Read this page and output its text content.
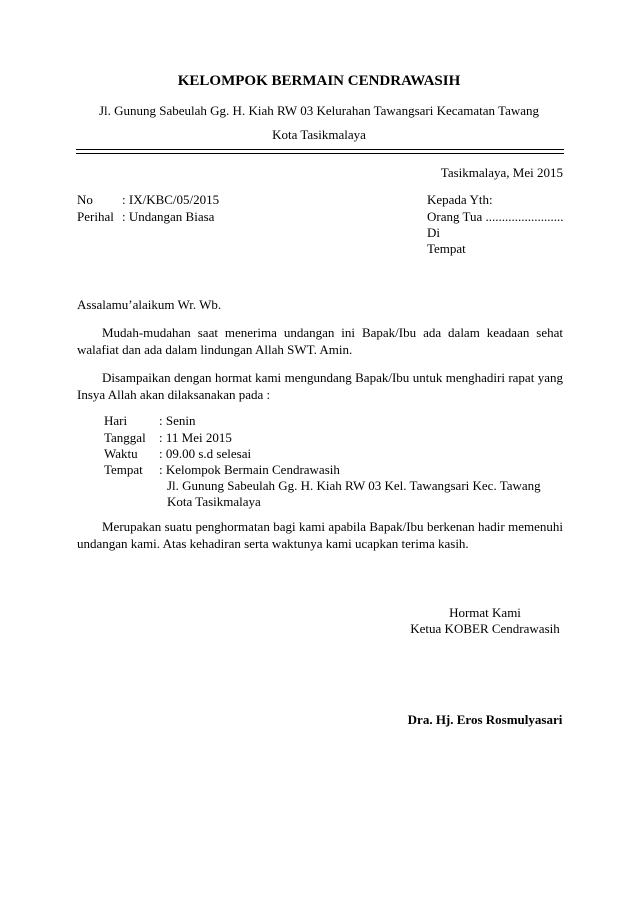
KELOMPOK BERMAIN CENDRAWASIH
Jl. Gunung Sabeulah Gg. H. Kiah RW 03 Kelurahan Tawangsari Kecamatan Tawang
Kota Tasikmalaya
Tasikmalaya, Mei 2015
No : IX/KBC/05/2015
Perihal : Undangan Biasa
Kepada Yth:
Orang Tua ........................
Di
Tempat
Assalamu’alaikum Wr. Wb.
Mudah-mudahan saat menerima undangan ini Bapak/Ibu ada dalam keadaan sehat walafiat dan ada dalam lindungan Allah SWT. Amin.
Disampaikan dengan hormat kami mengundang Bapak/Ibu untuk menghadiri rapat yang Insya Allah akan dilaksanakan pada :
Hari : Senin
Tanggal : 11 Mei 2015
Waktu : 09.00 s.d selesai
Tempat : Kelompok Bermain Cendrawasih
Jl. Gunung Sabeulah Gg. H. Kiah RW 03 Kel. Tawangsari Kec. Tawang
Kota Tasikmalaya
Merupakan suatu penghormatan bagi kami apabila Bapak/Ibu berkenan hadir memenuhi undangan kami. Atas kehadiran serta waktunya kami ucapkan terima kasih.
Hormat Kami
Ketua KOBER Cendrawasih
Dra. Hj. Eros Rosmulyasari
